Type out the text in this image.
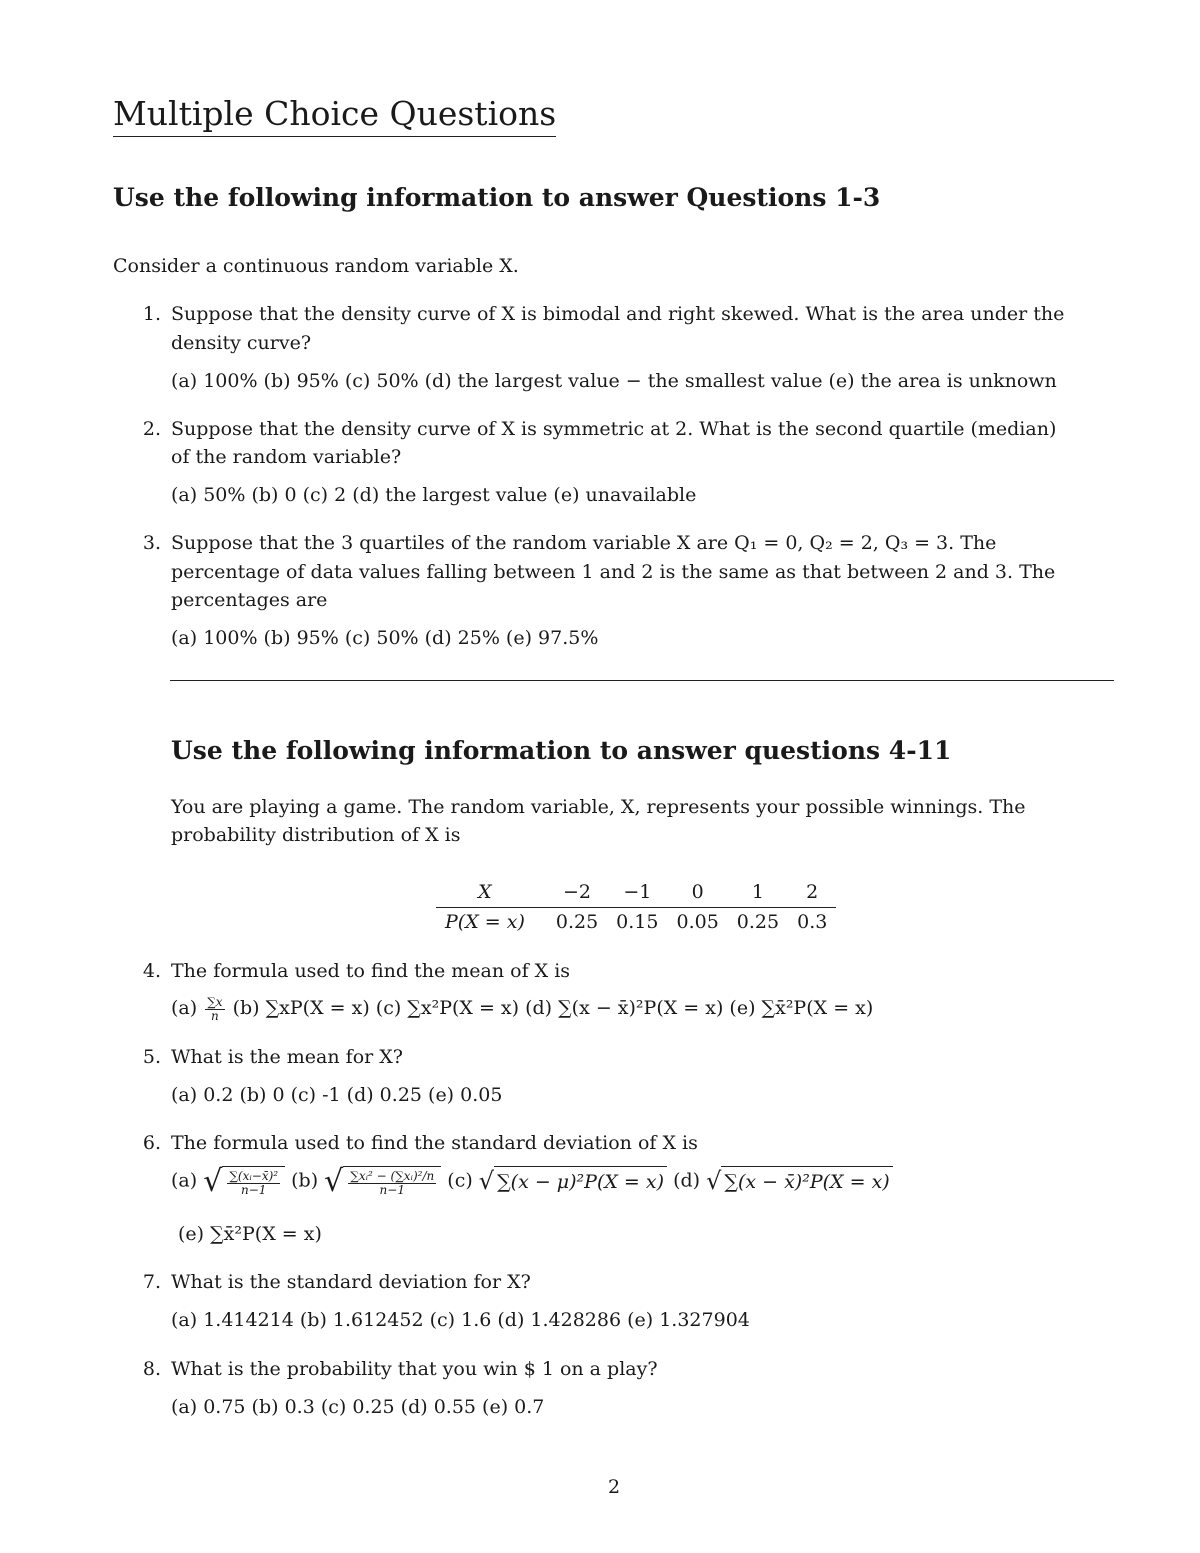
Multiple Choice Questions
Use the following information to answer Questions 1-3
Consider a continuous random variable X.
1. Suppose that the density curve of X is bimodal and right skewed. What is the area under the
density curve?
(a) 100% (b) 95% (c) 50% (d) the largest value − the smallest value (e) the area is unknown
2. Suppose that the density curve of X is symmetric at 2. What is the second quartile (median)
of the random variable?
(a) 50% (b) 0 (c) 2 (d) the largest value (e) unavailable
3. Suppose that the 3 quartiles of the random variable X are Q₁ = 0, Q₂ = 2, Q₃ = 3. The
percentage of data values falling between 1 and 2 is the same as that between 2 and 3. The
percentages are
(a) 100% (b) 95% (c) 50% (d) 25% (e) 97.5%
Use the following information to answer questions 4-11
You are playing a game. The random variable, X, represents your possible winnings. The
probability distribution of X is
X	−2	−1	0	1	2
P(X = x)	0.25	0.15	0.05	0.25	0.3
4. The formula used to find the mean of X is
$(a) \frac{\sum x}{n} (b) \sum xP(X = x)$ (c) ∑x²P(X = x) (d) ∑(x − x̄)²P(X = x) (e) ∑x̄²P(X = x)
5. What is the mean for X?
(a) 0.2 (b) 0 (c) -1 (d) 0.25 (e) 0.05
6. The formula used to find the standard deviation of X is
(a) √ $\frac{\text{∑(xᵢ−x̄)²}}{n-1} (b)$ √ $\frac{\text{∑xᵢ² − (∑xᵢ)²/n}}{n-1} (c)$ √ ∑(x − μ)²P(X = x) (d) √ ∑(x − x̄)²P(X = x)
(e) ∑x̄²P(X = x)
7. What is the standard deviation for X?
(a) 1.414214 (b) 1.612452 (c) 1.6 (d) 1.428286 (e) 1.327904
8. What is the probability that you win $ 1 on a play?
(a) 0.75 (b) 0.3 (c) 0.25 (d) 0.55 (e) 0.7
2
